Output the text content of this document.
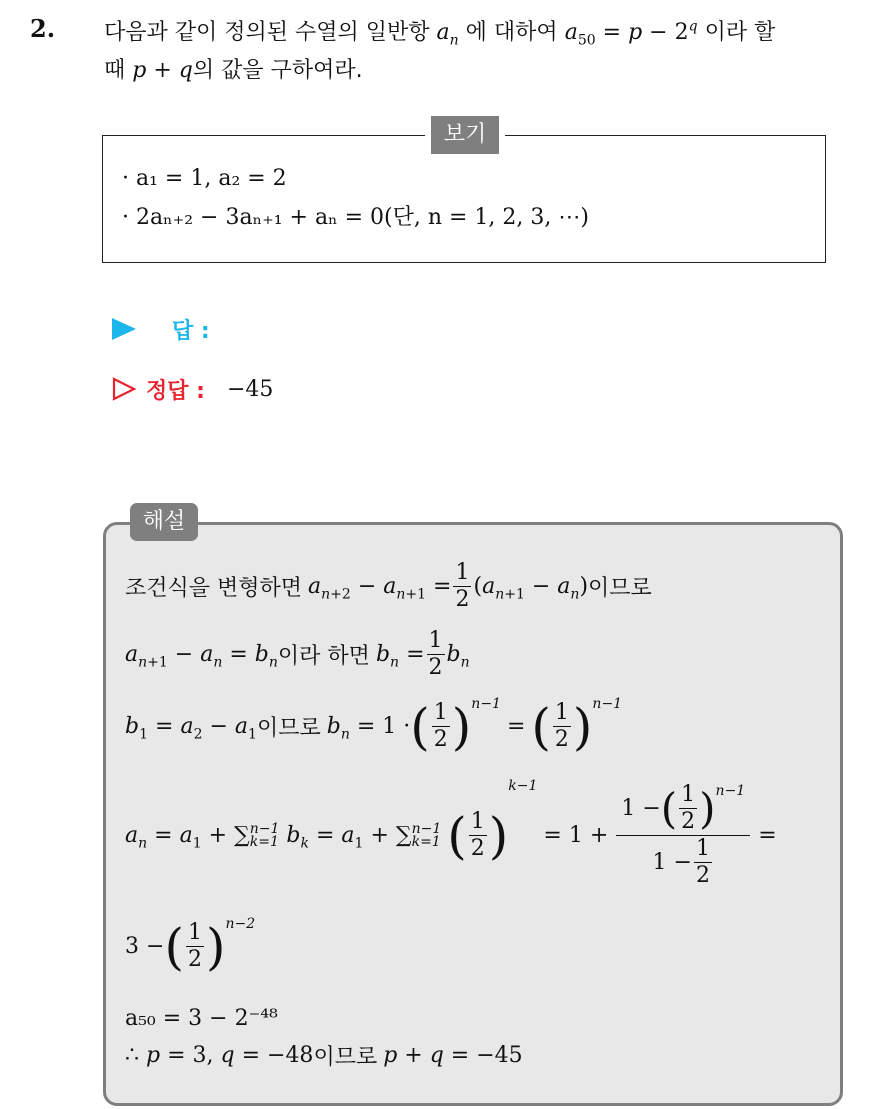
2. 다음과 같이 정의된 수열의 일반항 $a_n$ 에 대하여 $a_{50} = p - 2^q$ 이라 할
때 p + q의 값을 구하여라.
보기
· a₁ = 1, a₂ = 2
· 2aₙ₊₂ − 3aₙ₊₁ + aₙ = 0(단, n = 1, 2, 3, ⋯)
답 :
정답 : −45
해설
조건식을 변형하면 $a_{n+2} - a_{n+1} = \frac{1}{2} (a_{n+1} - a_n)$ 이므로
$a_{n+1} - a_n = b_n$ 이라 하면 $b_n = \frac{1}{2} b_n$
$b_1 = a_2 - a_1$ 이므로 $b_n = 1$ · ( $\frac{1}{2}$ ) n−1
= ( $\frac{1}{2}$ ) n−1
$a_n = a_1$ + ∑ n−1
k=1 $b_k = a_1$ + ∑ n−1
k=1 ( $\frac{1}{2}$ )
k−1
= $1 + \frac{1 - ( \frac{1}{2} ) n-1}{1 - \frac{1}{2}}$ =
3 − ( $\frac{1}{2}$ ) n−2
a₅₀ = 3 − 2⁻⁴⁸
∴ p = 3, q = −48 이므로 p + q = −45
